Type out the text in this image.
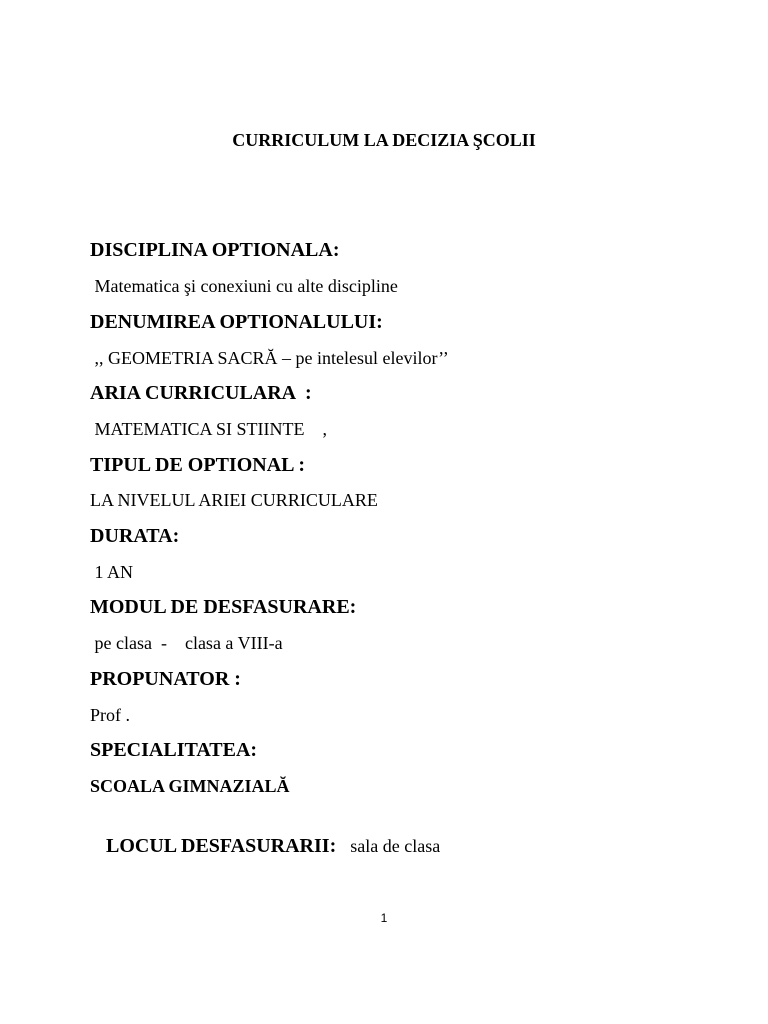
CURRICULUM LA DECIZIA ŞCOLII
DISCIPLINA OPTIONALA:
Matematica şi conexiuni cu alte discipline
DENUMIREA OPTIONALULUI:
,, GEOMETRIA SACRĂ – pe intelesul elevilor’’
ARIA CURRICULARA  :
MATEMATICA SI STIINTE    ,
TIPUL DE OPTIONAL :
LA NIVELUL ARIEI CURRICULARE
DURATA:
1 AN
MODUL DE DESFASURARE:
pe clasa  -    clasa a VIII-a
PROPUNATOR :
Prof .
SPECIALITATEA:
SCOALA GIMNAZIALĂ

LOCUL DESFASURARII: sala de clasa

1
